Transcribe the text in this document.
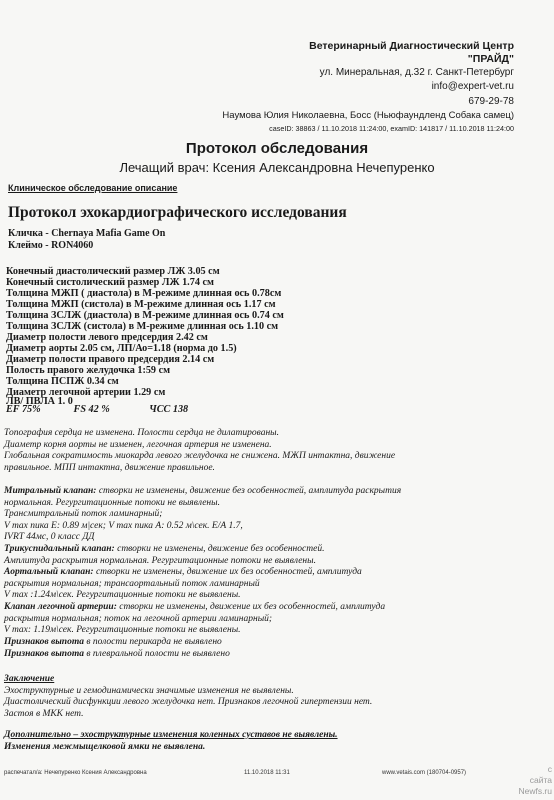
Ветеринарный Диагностический Центр
"ПРАЙД"
ул. Минеральная, д.32 г. Санкт-Петербург
info@expert-vet.ru
679-29-78
Наумова Юлия Николаевна, Босс (Ньюфаундленд Собака самец)
caseID: 38863 / 11.10.2018 11:24:00, examID: 141817 / 11.10.2018 11:24:00
Протокол обследования
Лечащий врач: Ксения Александровна Нечепуренко
Клиническое обследование описание
Протокол эхокардиографического исследования
Кличка - Chernaya Mafia Game On
Клеймо - RON4060
Конечный диастолический размер ЛЖ 3.05 см
Конечный систолический размер ЛЖ 1.74 см
Толщина МЖП ( диастола) в М-режиме длинная ось 0.78см
Толщина МЖП (систола) в М-режиме длинная ось 1.17 см
Толщина ЗСЛЖ (диастола) в М-режиме длинная ось 0.74 см
Толщина ЗСЛЖ (систола) в М-режиме длинная ось 1.10 см
Диаметр полости левого предсердия 2.42 см
Диаметр аорты 2.05 см, ЛП/Ао=1.18 (норма до 1.5)
Диаметр полости правого предсердия 2.14 см
Полость правого желудочка 1:59 см
Толщина ПСПЖ 0.34 см
Диаметр легочной артерии 1.29 см
ЛВ/ ПВЛА 1. 0
EF 75%	FS 42 %	ЧСС 138
Топография сердца не изменена. Полости сердца не дилатированы.
Диаметр корня аорты не изменен, легочная артерия не изменена.
Глобальная сократимость миокарда левого желудочка не снижена. МЖП интактна, движение
правильное. МПП интактна, движение правильное.
Митральный клапан: створки не изменены, движение без особенностей, амплитуда раскрытия
нормальная. Регургитационные потоки не выявлены.
Трансмитральный поток ламинарный;
V max пика E: 0.89 м|сек; V max пика А: 0.52 м\сек. Е/А 1.7,
IVRT 44мс, 0 класс ДД
Трикуспидальный клапан: створки не изменены, движение без особенностей.
Амплитуда раскрытия нормальная. Регургитационные потоки не выявлены.
Аортальный клапан: створки не изменены, движение их без особенностей, амплитуда
раскрытия нормальная; трансаортальный поток ламинарный
V max :1.24м\сек. Регургитационные потоки не выявлены.
Клапан легочной артерии: створки не изменены, движение их без особенностей, амплитуда
раскрытия нормальная; поток на легочной артерии ламинарный;
V max: 1.19м\сек. Регургитационные потоки не выявлены.
Признаков выпота в полости перикарда не выявлено
Признаков выпота в плевральной полости не выявлено
Заключение
Эхоструктурные и гемодинамически значимые изменения не выявлены.
Диастолический дисфункции левого желудочка нет. Признаков легочной гипертензии нет.
Застоя в МКК нет.
Дополнительно – эхоструктурные изменения коленных суставов не выявлены.
Изменения межмыщелковой ямки не выявлена.
распечатал/а: Нечепуренко Ксения Александровна	11.10.2018 11:31	www.vetais.com (180704-0957)	с
сайта
Newfs.ru
